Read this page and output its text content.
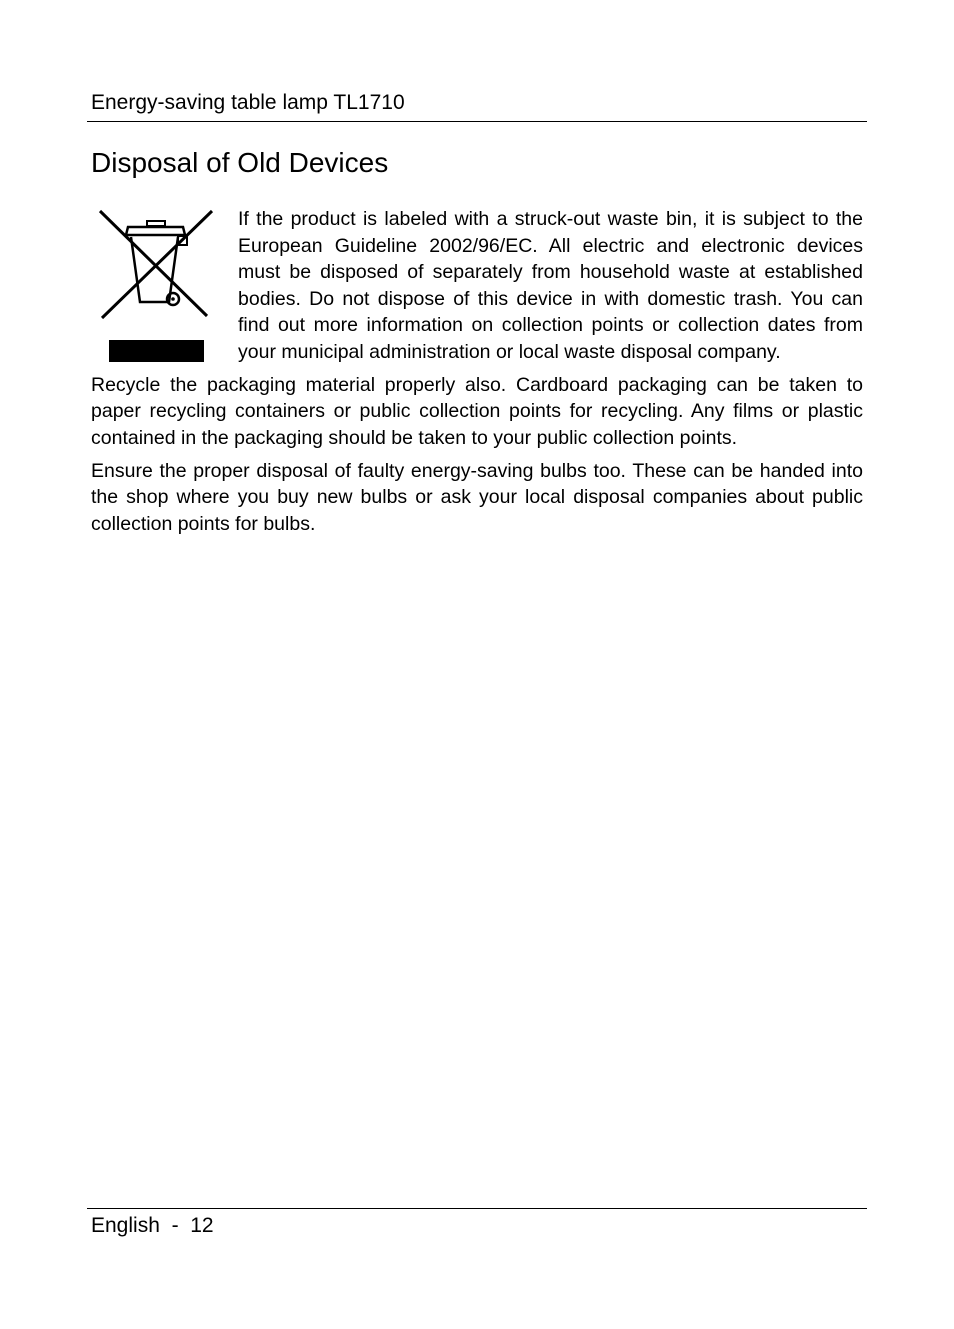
Energy-saving table lamp TL1710
Disposal of Old Devices

If the product is labeled with a struck-out waste bin, it is subject to the European Guideline 2002/96/EC. All electric and electronic devices must be disposed of separately from household waste at established bodies. Do not dispose of this device in with domestic trash. You can find out more information on collection points or collection dates from your municipal administration or local waste disposal company.

Recycle the packaging material properly also. Cardboard packaging can be taken to paper recycling containers or public collection points for recycling. Any films or plastic contained in the packaging should be taken to your public collection points.

Ensure the proper disposal of faulty energy-saving bulbs too. These can be handed into the shop where you buy new bulbs or ask your local disposal companies about public collection points for bulbs.

English - 12
